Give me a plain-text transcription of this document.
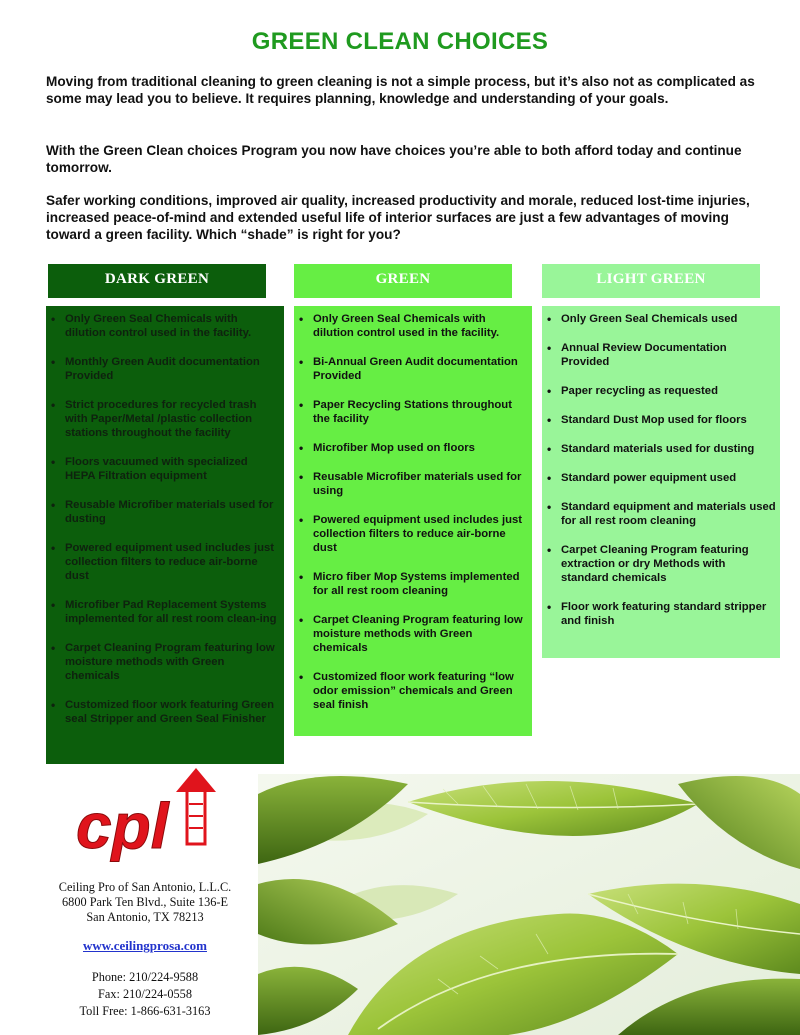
GREEN CLEAN CHOICES

Moving from traditional cleaning to green cleaning is not a simple process, but it’s also not as complicated as some may lead you to believe. It requires planning, knowledge and understanding of your goals.

With the Green Clean choices Program you now have choices you’re able to both afford today and continue tomorrow.

Safer working conditions, improved air quality, increased productivity and morale, reduced lost-time injuries, increased peace-of-mind and extended useful life of interior surfaces are just a few advantages of moving toward a green facility. Which “shade” is right for you?

DARK GREEN
• Only Green Seal Chemicals with dilution control used in the facility.
• Monthly Green Audit documentation Provided
• Strict procedures for recycled trash with Paper/Metal /plastic collection stations throughout the facility
• Floors vacuumed with specialized HEPA Filtration equipment
• Reusable Microfiber materials used for dusting
• Powered equipment used includes just collection filters to reduce air-borne dust
• Microfiber Pad Replacement Systems implemented for all rest room clean-ing
• Carpet Cleaning Program featuring low moisture methods with Green chemicals
• Customized floor work featuring Green seal Stripper and Green Seal Finisher
GREEN
• Only Green Seal Chemicals with dilution control used in the facility.
• Bi-Annual Green Audit documentation Provided
• Paper Recycling Stations throughout the facility
• Microfiber Mop used on floors
• Reusable Microfiber materials used for using
• Powered equipment used includes just collection filters to reduce air-borne dust
• Micro fiber Mop Systems implemented for all rest room cleaning
• Carpet Cleaning Program featuring low moisture methods with Green chemicals
• Customized floor work featuring “low odor emission” chemicals and Green seal finish
LIGHT GREEN
• Only Green Seal Chemicals used
• Annual Review Documentation Provided
• Paper recycling as requested
• Standard Dust Mop used for floors
• Standard materials used for dusting
• Standard power equipment used
• Standard equipment and materials used for all rest room cleaning
• Carpet Cleaning Program featuring extraction or dry Methods with standard chemicals
• Floor work featuring standard stripper and finish
cpl
Ceiling Pro of San Antonio, L.L.C.
6800 Park Ten Blvd., Suite 136-E
San Antonio, TX 78213
www.ceilingprosa.com
Phone: 210/224-9588
Fax: 210/224-0558
Toll Free: 1-866-631-3163
